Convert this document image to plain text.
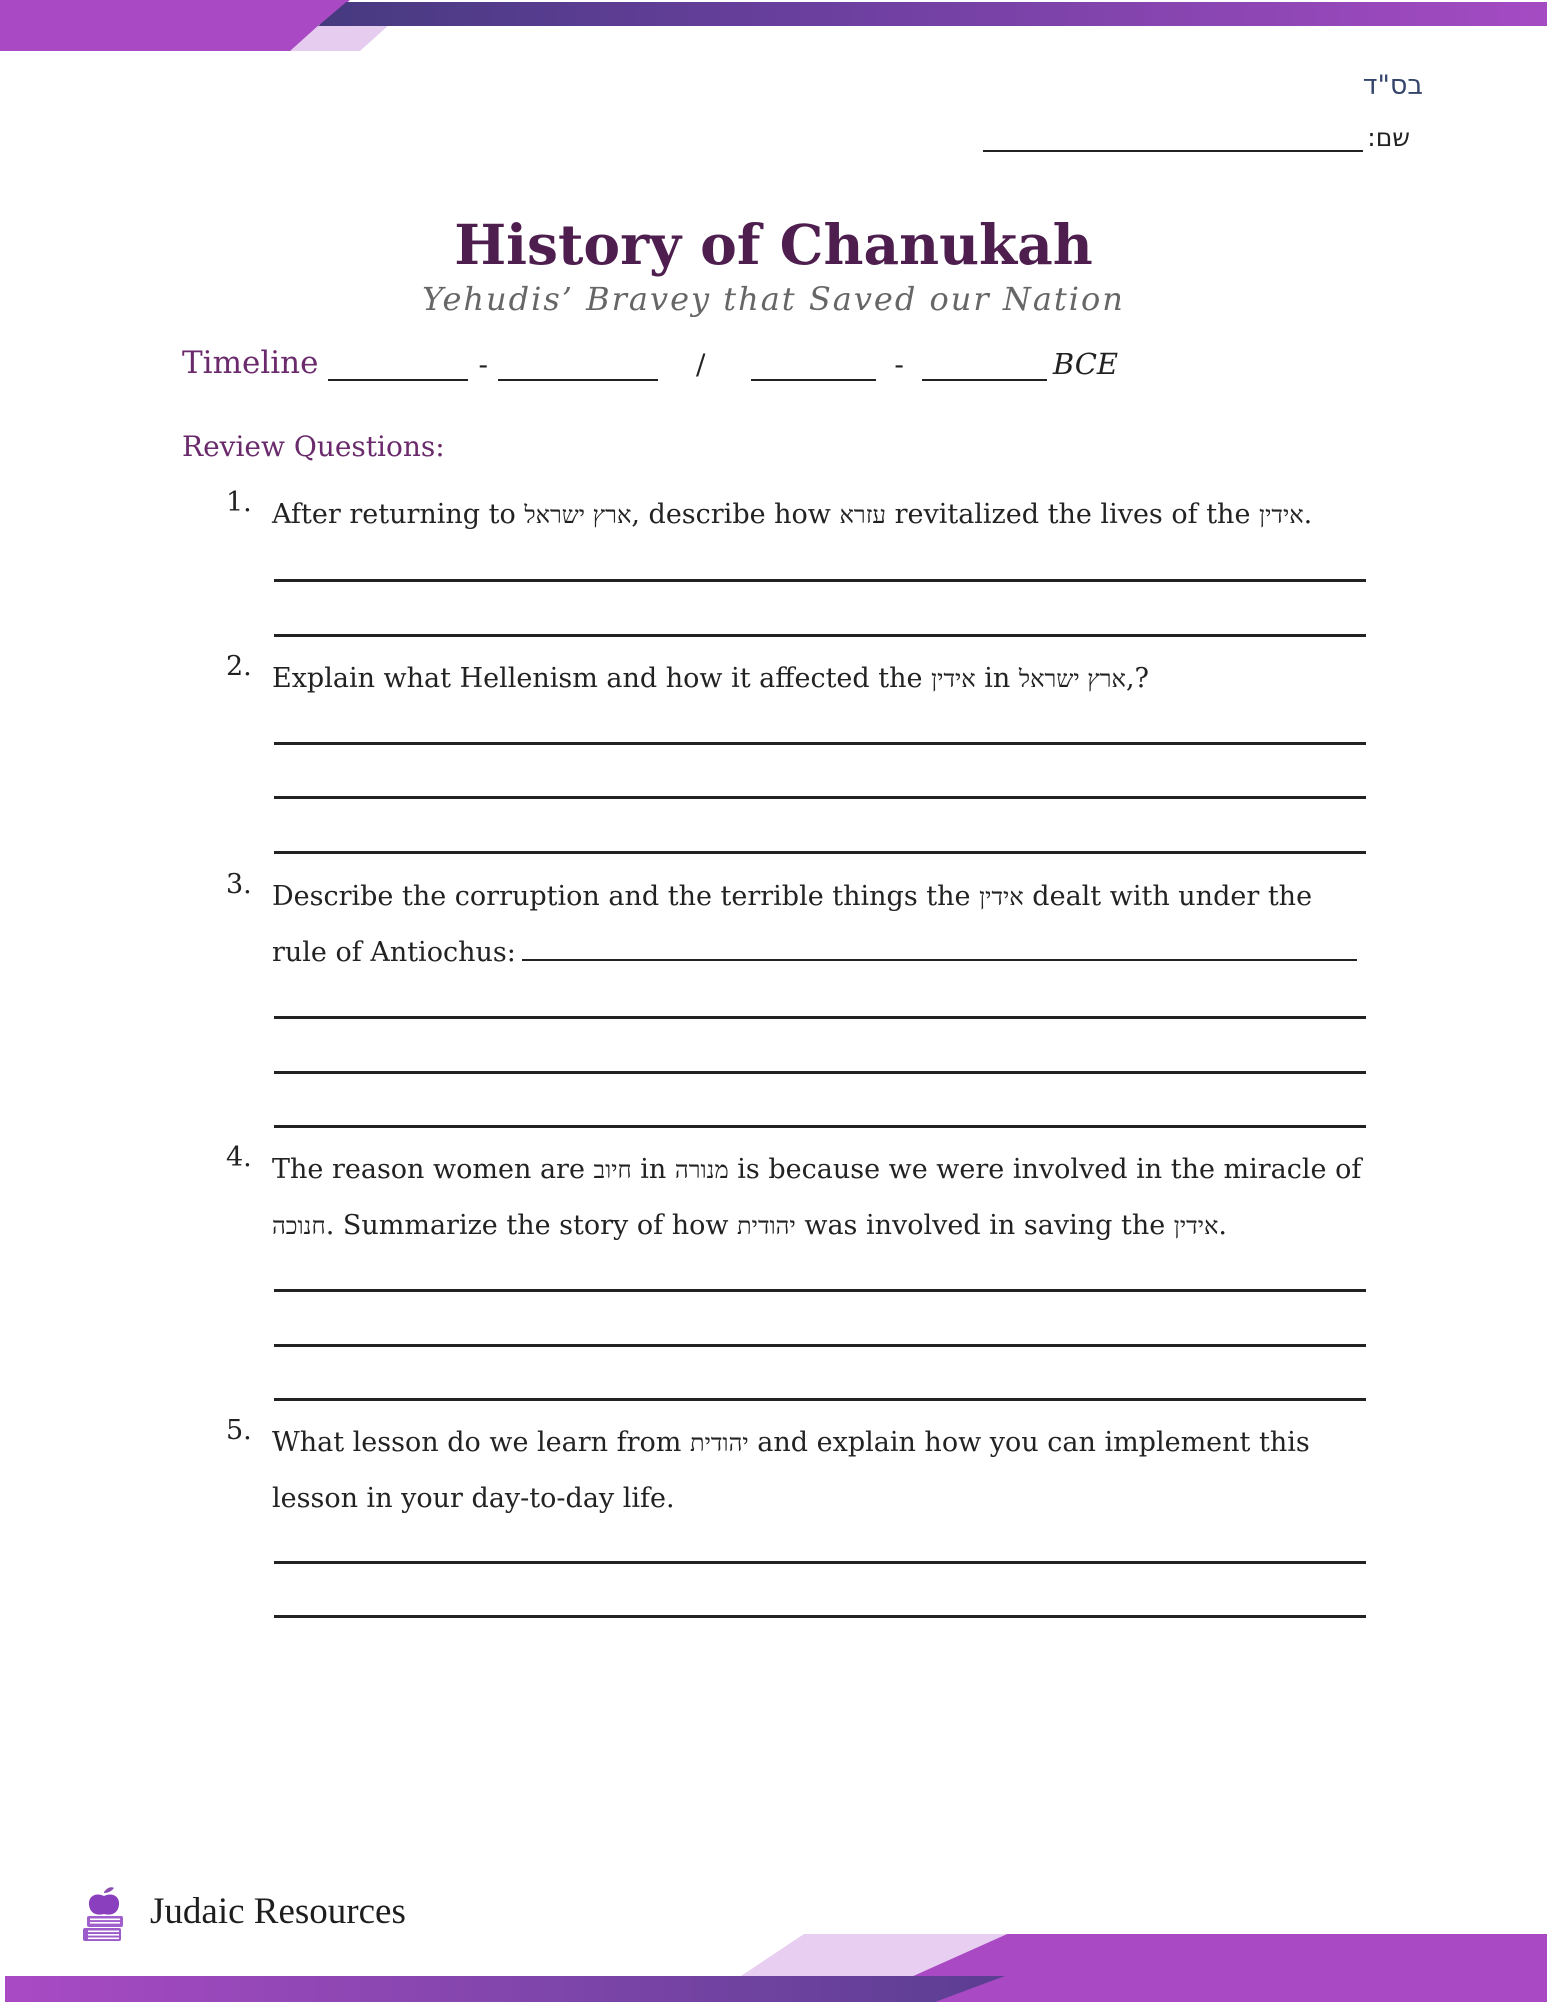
בס"ד
שם:
History of Chanukah
Yehudis’ Bravey that Saved our Nation
Timeline	-	/	-	BCE
Review Questions:
1. After returning to ארץ ישראל, describe how עזרא revitalized the lives of the אידין.
2. Explain what Hellenism and how it affected the אידין in ארץ ישראל,?
3. Describe the corruption and the terrible things the אידין dealt with under the rule of Antiochus:
4. The reason women are חיוב in מנורה is because we were involved in the miracle of חנוכה. Summarize the story of how יהודית was involved in saving the אידין.
5. What lesson do we learn from יהודית and explain how you can implement this lesson in your day-to-day life.
Judaic Resources
